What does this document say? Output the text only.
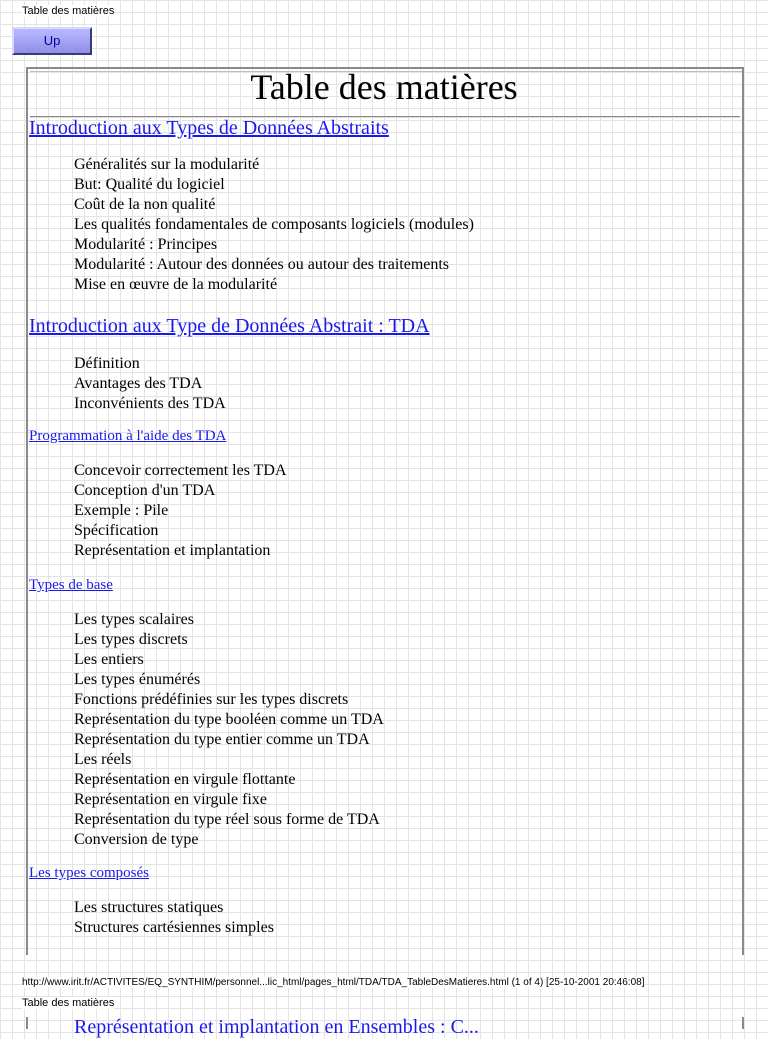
Table des matières
Up
Table des matières
Introduction aux Types de Données Abstraits
Généralités sur la modularité
But: Qualité du logiciel
Coût de la non qualité
Les qualités fondamentales de composants logiciels (modules)
Modularité : Principes
Modularité : Autour des données ou autour des traitements
Mise en œuvre de la modularité
Introduction aux Type de Données Abstrait : TDA
Définition
Avantages des TDA
Inconvénients des TDA
Programmation à l'aide des TDA
Concevoir correctement les TDA
Conception d'un TDA
Exemple : Pile
Spécification
Représentation et implantation
Types de base
Les types scalaires
Les types discrets
Les entiers
Les types énumérés
Fonctions prédéfinies sur les types discrets
Représentation du type booléen comme un TDA
Représentation du type entier comme un TDA
Les réels
Représentation en virgule flottante
Représentation en virgule fixe
Représentation du type réel sous forme de TDA
Conversion de type
Les types composés
Les structures statiques
Structures cartésiennes simples
http://www.irit.fr/ACTIVITES/EQ_SYNTHIM/personnel...lic_html/pages_html/TDA/TDA_TableDesMatieres.html (1 of 4) [25-10-2001 20:46:08]
Table des matières
Représentation et implantation en Ensembles : C...
